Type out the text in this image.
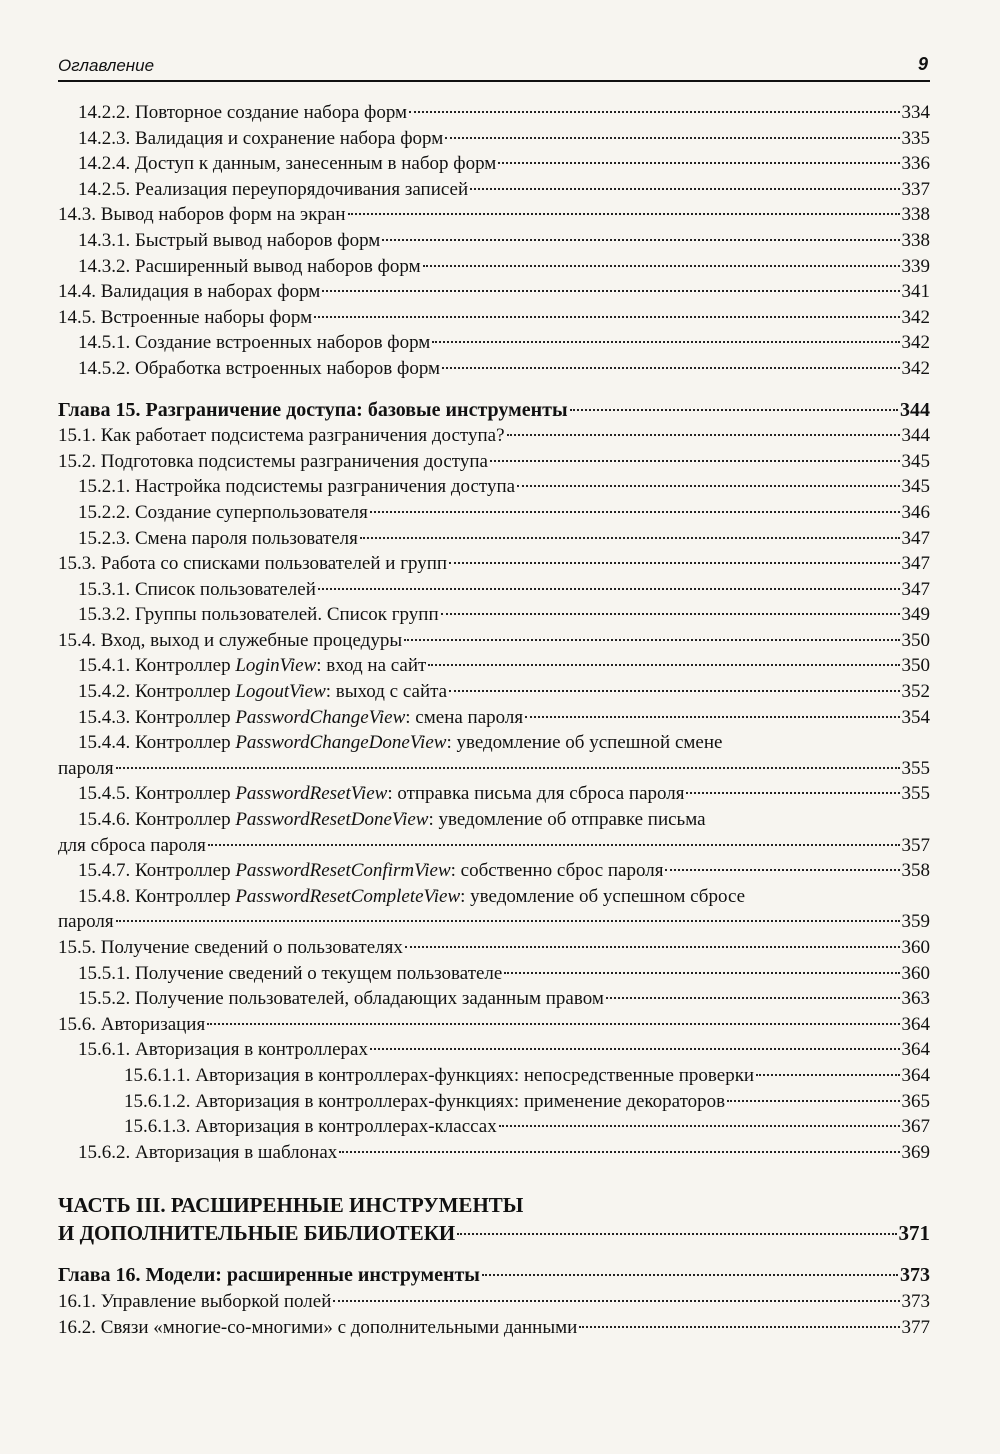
Оглавление	9
14.2.2. Повторное создание набора форм	334
14.2.3. Валидация и сохранение набора форм	335
14.2.4. Доступ к данным, занесенным в набор форм	336
14.2.5. Реализация переупорядочивания записей	337
14.3. Вывод наборов форм на экран	338
14.3.1. Быстрый вывод наборов форм	338
14.3.2. Расширенный вывод наборов форм	339
14.4. Валидация в наборах форм	341
14.5. Встроенные наборы форм	342
14.5.1. Создание встроенных наборов форм	342
14.5.2. Обработка встроенных наборов форм	342
Глава 15. Разграничение доступа: базовые инструменты	344
15.1. Как работает подсистема разграничения доступа?	344
15.2. Подготовка подсистемы разграничения доступа	345
15.2.1. Настройка подсистемы разграничения доступа	345
15.2.2. Создание суперпользователя	346
15.2.3. Смена пароля пользователя	347
15.3. Работа со списками пользователей и групп	347
15.3.1. Список пользователей	347
15.3.2. Группы пользователей. Список групп	349
15.4. Вход, выход и служебные процедуры	350
15.4.1. Контроллер LoginView: вход на сайт	350
15.4.2. Контроллер LogoutView: выход с сайта	352
15.4.3. Контроллер PasswordChangeView: смена пароля	354
15.4.4. Контроллер PasswordChangeDoneView: уведомление об успешной смене
пароля	355
15.4.5. Контроллер PasswordResetView: отправка письма для сброса пароля	355
15.4.6. Контроллер PasswordResetDoneView: уведомление об отправке письма
для сброса пароля	357
15.4.7. Контроллер PasswordResetConfirmView: собственно сброс пароля	358
15.4.8. Контроллер PasswordResetCompleteView: уведомление об успешном сбросе
пароля	359
15.5. Получение сведений о пользователях	360
15.5.1. Получение сведений о текущем пользователе	360
15.5.2. Получение пользователей, обладающих заданным правом	363
15.6. Авторизация	364
15.6.1. Авторизация в контроллерах	364
15.6.1.1. Авторизация в контроллерах-функциях: непосредственные проверки	364
15.6.1.2. Авторизация в контроллерах-функциях: применение декораторов	365
15.6.1.3. Авторизация в контроллерах-классах	367
15.6.2. Авторизация в шаблонах	369
ЧАСТЬ III. РАСШИРЕННЫЕ ИНСТРУМЕНТЫ
И ДОПОЛНИТЕЛЬНЫЕ БИБЛИОТЕКИ	371
Глава 16. Модели: расширенные инструменты	373
16.1. Управление выборкой полей	373
16.2. Связи «многие-со-многими» с дополнительными данными	377
